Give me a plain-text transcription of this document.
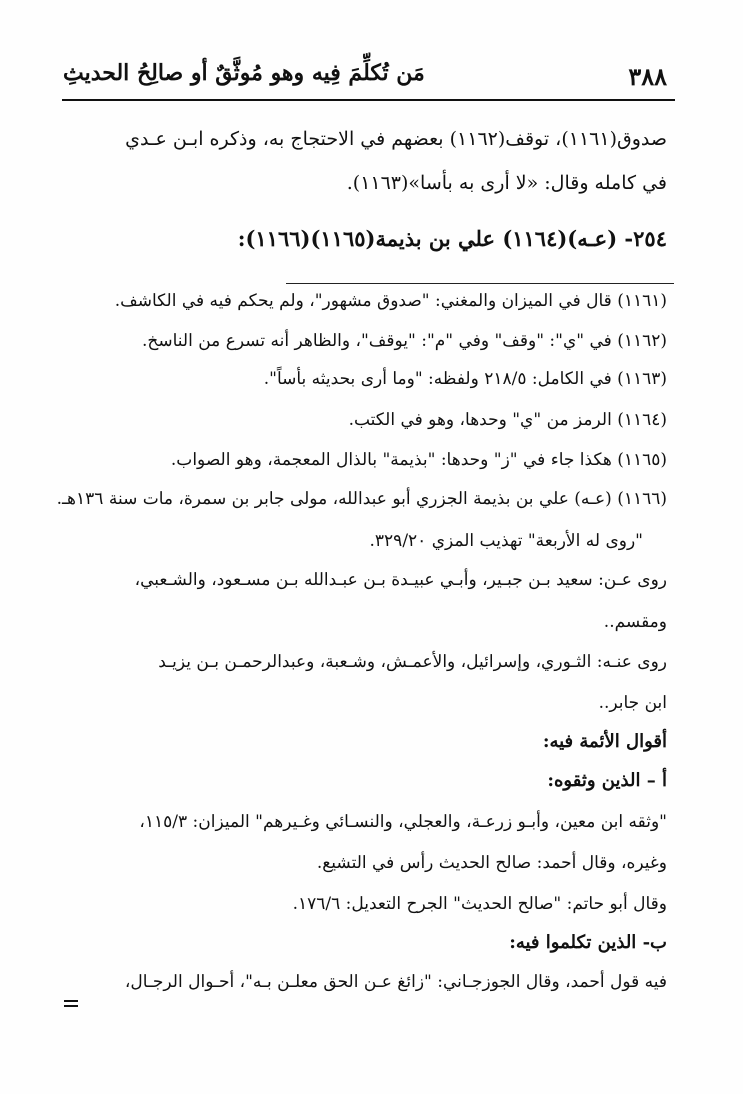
٣٨٨
مَن تُكلِّمَ فِيه وهو مُوثَّقٌ أو صالِحُ الحديثِ
صدوق(١١٦١)، توقف(١١٦٢) بعضهم في الاحتجاج به، وذكره ابـن عـدي
في كامله وقال: «لا أرى به بأسا»(١١٦٣).
٢٥٤- (عـه)(١١٦٤) علي بن بذيمة(١١٦٥)(١١٦٦):
(١١٦١) قال في الميزان والمغني: "صدوق مشهور"، ولم يحكم فيه في الكاشف.
(١١٦٢) في "ي": "وقف" وفي "م": "يوقف"، والظاهر أنه تسرع من الناسخ.
(١١٦٣) في الكامل: ٢١٨/٥ ولفظه: "وما أرى بحديثه بأساً".
(١١٦٤) الرمز من "ي" وحدها، وهو في الكتب.
(١١٦٥) هكذا جاء في "ز" وحدها: "بذيمة" بالذال المعجمة، وهو الصواب.
(١١٦٦) (عـه) علي بن بذيمة الجزري أبو عبدالله، مولى جابر بن سمرة، مات سنة ١٣٦هـ.
"روى له الأربعة" تهذيب المزي ٣٢٩/٢٠.
روى عـن: سعيد بـن جبـير، وأبـي عبيـدة بـن عبـدالله بـن مسـعود، والشـعبي،
ومقسم..
روى عنـه: الثـوري، وإسرائيل، والأعمـش، وشـعبة، وعبدالرحمـن بـن يزيـد
ابن جابر..
أقوال الأئمة فيه:
أ – الذين وثقوه:
"وثقه ابن معين، وأبـو زرعـة، والعجلي، والنسـائي وغـيرهم" الميزان: ١١٥/٣،
وغيره، وقال أحمد: صالح الحديث رأس في التشيع.
وقال أبو حاتم: "صالح الحديث" الجرح التعديل: ١٧٦/٦.
ب- الذين تكلموا فيه:
فيه قول أحمد، وقال الجوزجـاني: "زائغ عـن الحق معلـن بـه"، أحـوال الرجـال،
